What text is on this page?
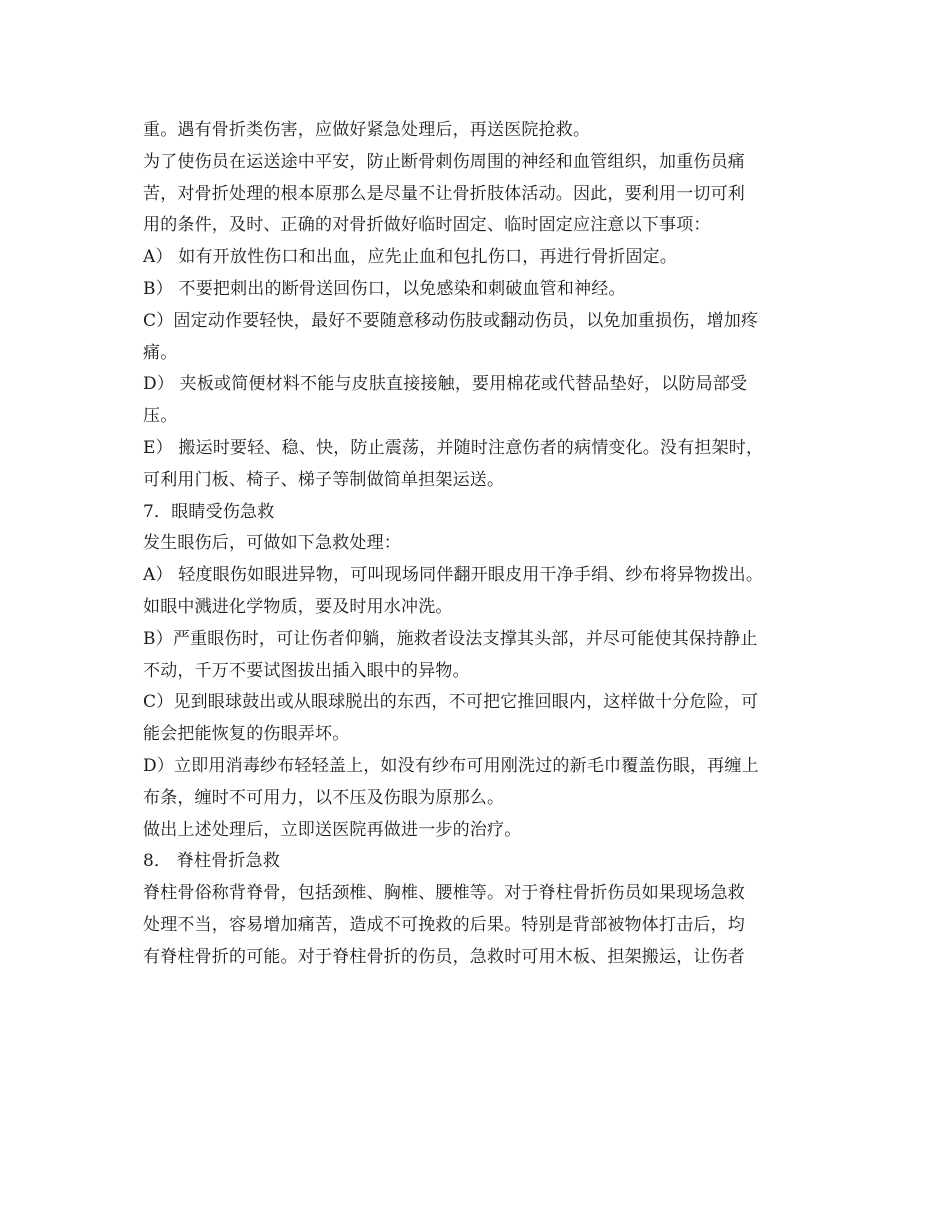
重。遇有骨折类伤害，应做好紧急处理后，再送医院抢救。
为了使伤员在运送途中平安，防止断骨刺伤周围的神经和血管组织，加重伤员痛
苦，对骨折处理的根本原那么是尽量不让骨折肢体活动。因此，要利用一切可利
用的条件，及时、正确的对骨折做好临时固定、临时固定应注意以下事项：
A） 如有开放性伤口和出血，应先止血和包扎伤口，再进行骨折固定。
B） 不要把刺出的断骨送回伤口，以免感染和刺破血管和神经。
C）固定动作要轻快，最好不要随意移动伤肢或翻动伤员，以免加重损伤，增加疼
痛。
D） 夹板或简便材料不能与皮肤直接接触，要用棉花或代替品垫好，以防局部受
压。
E） 搬运时要轻、稳、快，防止震荡，并随时注意伤者的病情变化。没有担架时，
可利用门板、椅子、梯子等制做简单担架运送。
7．眼睛受伤急救
发生眼伤后，可做如下急救处理：
A） 轻度眼伤如眼进异物，可叫现场同伴翻开眼皮用干净手绢、纱布将异物拨出。
如眼中溅进化学物质，要及时用水冲洗。
B）严重眼伤时，可让伤者仰躺，施救者设法支撑其头部，并尽可能使其保持静止
不动，千万不要试图拔出插入眼中的异物。
C）见到眼球鼓出或从眼球脱出的东西，不可把它推回眼内，这样做十分危险，可
能会把能恢复的伤眼弄坏。
D）立即用消毒纱布轻轻盖上，如没有纱布可用刚洗过的新毛巾覆盖伤眼，再缠上
布条，缠时不可用力，以不压及伤眼为原那么。
做出上述处理后，立即送医院再做进一步的治疗。
8． 脊柱骨折急救
脊柱骨俗称背脊骨，包括颈椎、胸椎、腰椎等。对于脊柱骨折伤员如果现场急救
处理不当，容易增加痛苦，造成不可挽救的后果。特别是背部被物体打击后，均
有脊柱骨折的可能。对于脊柱骨折的伤员，急救时可用木板、担架搬运，让伤者
